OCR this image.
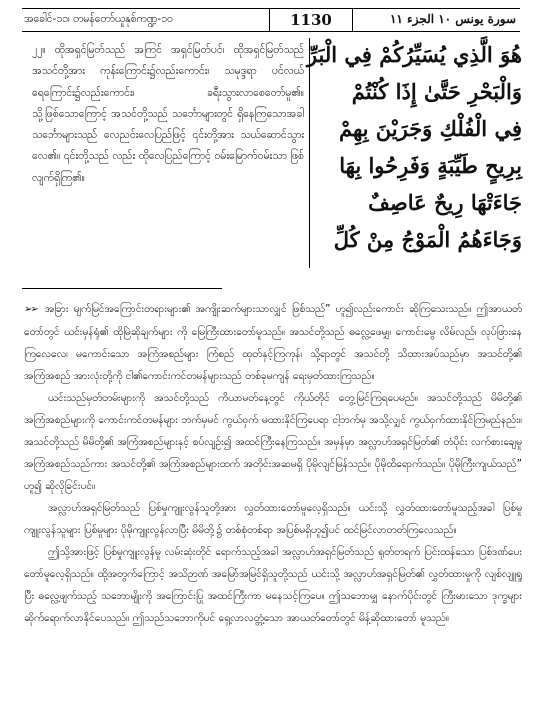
အခေါင်-၁၁၊ တမန်တော်ယူနုစ်ကဏ္ဍ-၁၀	1130	سورة يونس ١٠ الجزء ١١
၂၂။ ထိုအရှင်မြတ်သည် အကြင် အရှင်မြတ်ပင်၊ ထိုအရှင်မြတ်သည် အသင်တို့အား ကုန်းကြောင်း၌လည်းကောင်း၊ သမုဒ္ဒရာ ပင်လယ်ရေကြောင်း၌လည်းကောင်း၊ ခရီးသွားလာစေတော်မူ၏။ သို့ဖြစ်သောကြောင့် အသင်တို့သည် သင်္ဘောများတွင် ရှိနေကြသောအခါ သင်္ဘောများသည် လေညင်းလေပြည်ဖြင့် ၎င်းတို့အား သယ်ဆောင်သွားလေ၏။ ၎င်းတို့သည် လည်း ထိုလေပြည်ကြောင့် ဝမ်းမြောက်ဝမ်းသာ ဖြစ်လျက်ရှိကြ၏။
هُوَ الَّذِي يُسَيِّرُكُمْ فِي الْبَرِّ
وَالْبَحْرِ حَتَّىٰ إِذَا كُنْتُمْ
فِي الْفُلْكِ وَجَرَيْنَ بِهِمْ
بِرِيحٍ طَيِّبَةٍ وَفَرِحُوا بِهَا
جَاءَتْهَا رِيحٌ عَاصِفٌ
وَجَاءَهُمُ الْمَوْجُ مِنْ كُلِّ

➢➢ အခြား မျက်မြင်အကြောင်းတရားများ၏ အကျိုးဆက်များသာလျှင် ဖြစ်သည်” ဟူ၍လည်းကောင်း ဆိုကြသေးသည်။ ဤအာယတ်တော်တွင် ယင်းမှန်ရုံ၏ ထိုမြဲဆိုချက်များ ကို မြေကြီးထားတော်မူသည်။ အသင်တို့သည် ဓလ္လေ့ဖေမျှ၊ ကောင်းမွေ လိမ်လည်၊ လုပ်ဖြားနေကြလေလေ၊ မကောင်းသော အကြံအစည်များ ကြံစည် ထုတ်နှင့်ကြကုန်၊ သို့ရာတွင် အသင်တို့ သိထားအပ်သည်မှာ အသင်တို့၏ အကြံအစည် အားလုံးတို့ကို ငါ၏ကောင်းကင်တမန်များသည် တစ်ခုမကျန် ရေးမှတ်ထားကြသည်။

ယင်းသည်မှတ်တမ်းများကို အသင်တို့သည် ကိယာမတ်နေ့တွင် ကိုယ်တိုင် တွေ့မြင်ကြရပေမည်။ အသင်တို့သည် မိမိတို့၏ အကြံအစည်များကို ကောင်းကင်တမန်များ ဘက်မှမင် ကွယ်ဝှက် မထားနိုင်ကြပေရာ ငါ့ဘက်မှ အသို့လျှင် ကွယ်ဝှက်ထားနိုင်ကြမည်နည်း။ အသင်တို့သည် မိမိတို့၏ အကြံအစည်များနှင့် စပ်လျဉ်း၍ အထင်ကြီးနေကြသည်။ အမှန်မှာ အလ္လာဟ်အရှင်မြတ်၏ တံပိုင်း လက်စားချေမှု အကြံအစည်သည်ကား အသင်တို့၏ အကြံအစည်များထက် အတိုင်းအဆမရှိ ပိုမိုလျင်မြန်သည်။ ပိုမိုထိရောက်သည်။ ပိုမိုကြီးကျယ်သည်” ဟူ၍ ဆိုလိုခြင်းပင်။

အလ္လာဟ်အရှင်မြတ်သည် ပြစ်မှုကျူးလွန်သူတို့အား လွှတ်ထားတော်မူလေ့ရှိသည်။ ယင်းသို့ လွှတ်ထားတော်မူသည့်အခါ ပြစ်မှုကျူးလွန်သူများ ပြစ်မှုများ ပိုမိုကျူးလွန်လာပြီး မိမိတို့၌ တစ်စုံတစ်ရာ အပြစ်မရှိဟူ၍ပင် ထင်မြင်လာတတ်ကြလေသည်။

ဤသို့အားဖြင့် ပြစ်မှုကျူးလွန်မှု လမ်းဆုံးတိုင် ရောက်သည့်အခါ အလ္လာဟ်အရှင်မြတ်သည် ရုတ်တရက် ပြင်းထန်သော ပြစ်ဒဏ်ပေးတော်မူလေ့ရှိသည်။ ထို့အတွက်ကြောင့် အသိဉာဏ် အမြော်အမြင်ရှိသူတို့သည် ယင်းသို့ အလ္လာဟ်အရှင်မြတ်၏ လွှတ်ထားမှုကို လျစ်လျူရှုပြီး ဓလ္လေ့ဖျက်သည့် သဘောမျိုးကို အကြောင်းပြု အထင်ကြီးကာ မနေသင့်ကြပေ။ ဤသဘောမျှ နောက်ပိုင်းတွင် ကြီးမားသော ဒုက္ခများ ဆိုက်ရောက်လာနိုင်ပေသည်။ ဤသည်သဘောကိုပင် ရှေ့လာလတ္တံ့သော အာယတ်တော်တွင် မိန့်ဆိုထားတော် မူသည်။
